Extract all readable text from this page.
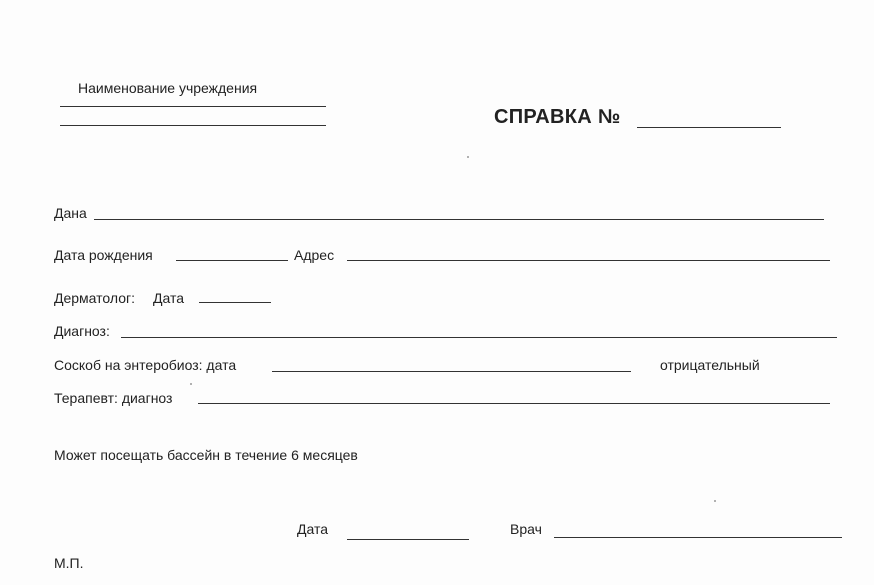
Наименование учреждения
СПРАВКА №
Дана
Дата рождения	Адрес
Дерматолог: Дата
Диагноз:
Соскоб на энтеробиоз: дата	отрицательный
Терапевт: диагноз
Может посещать бассейн в течение 6 месяцев
Дата	Врач
М.П.
